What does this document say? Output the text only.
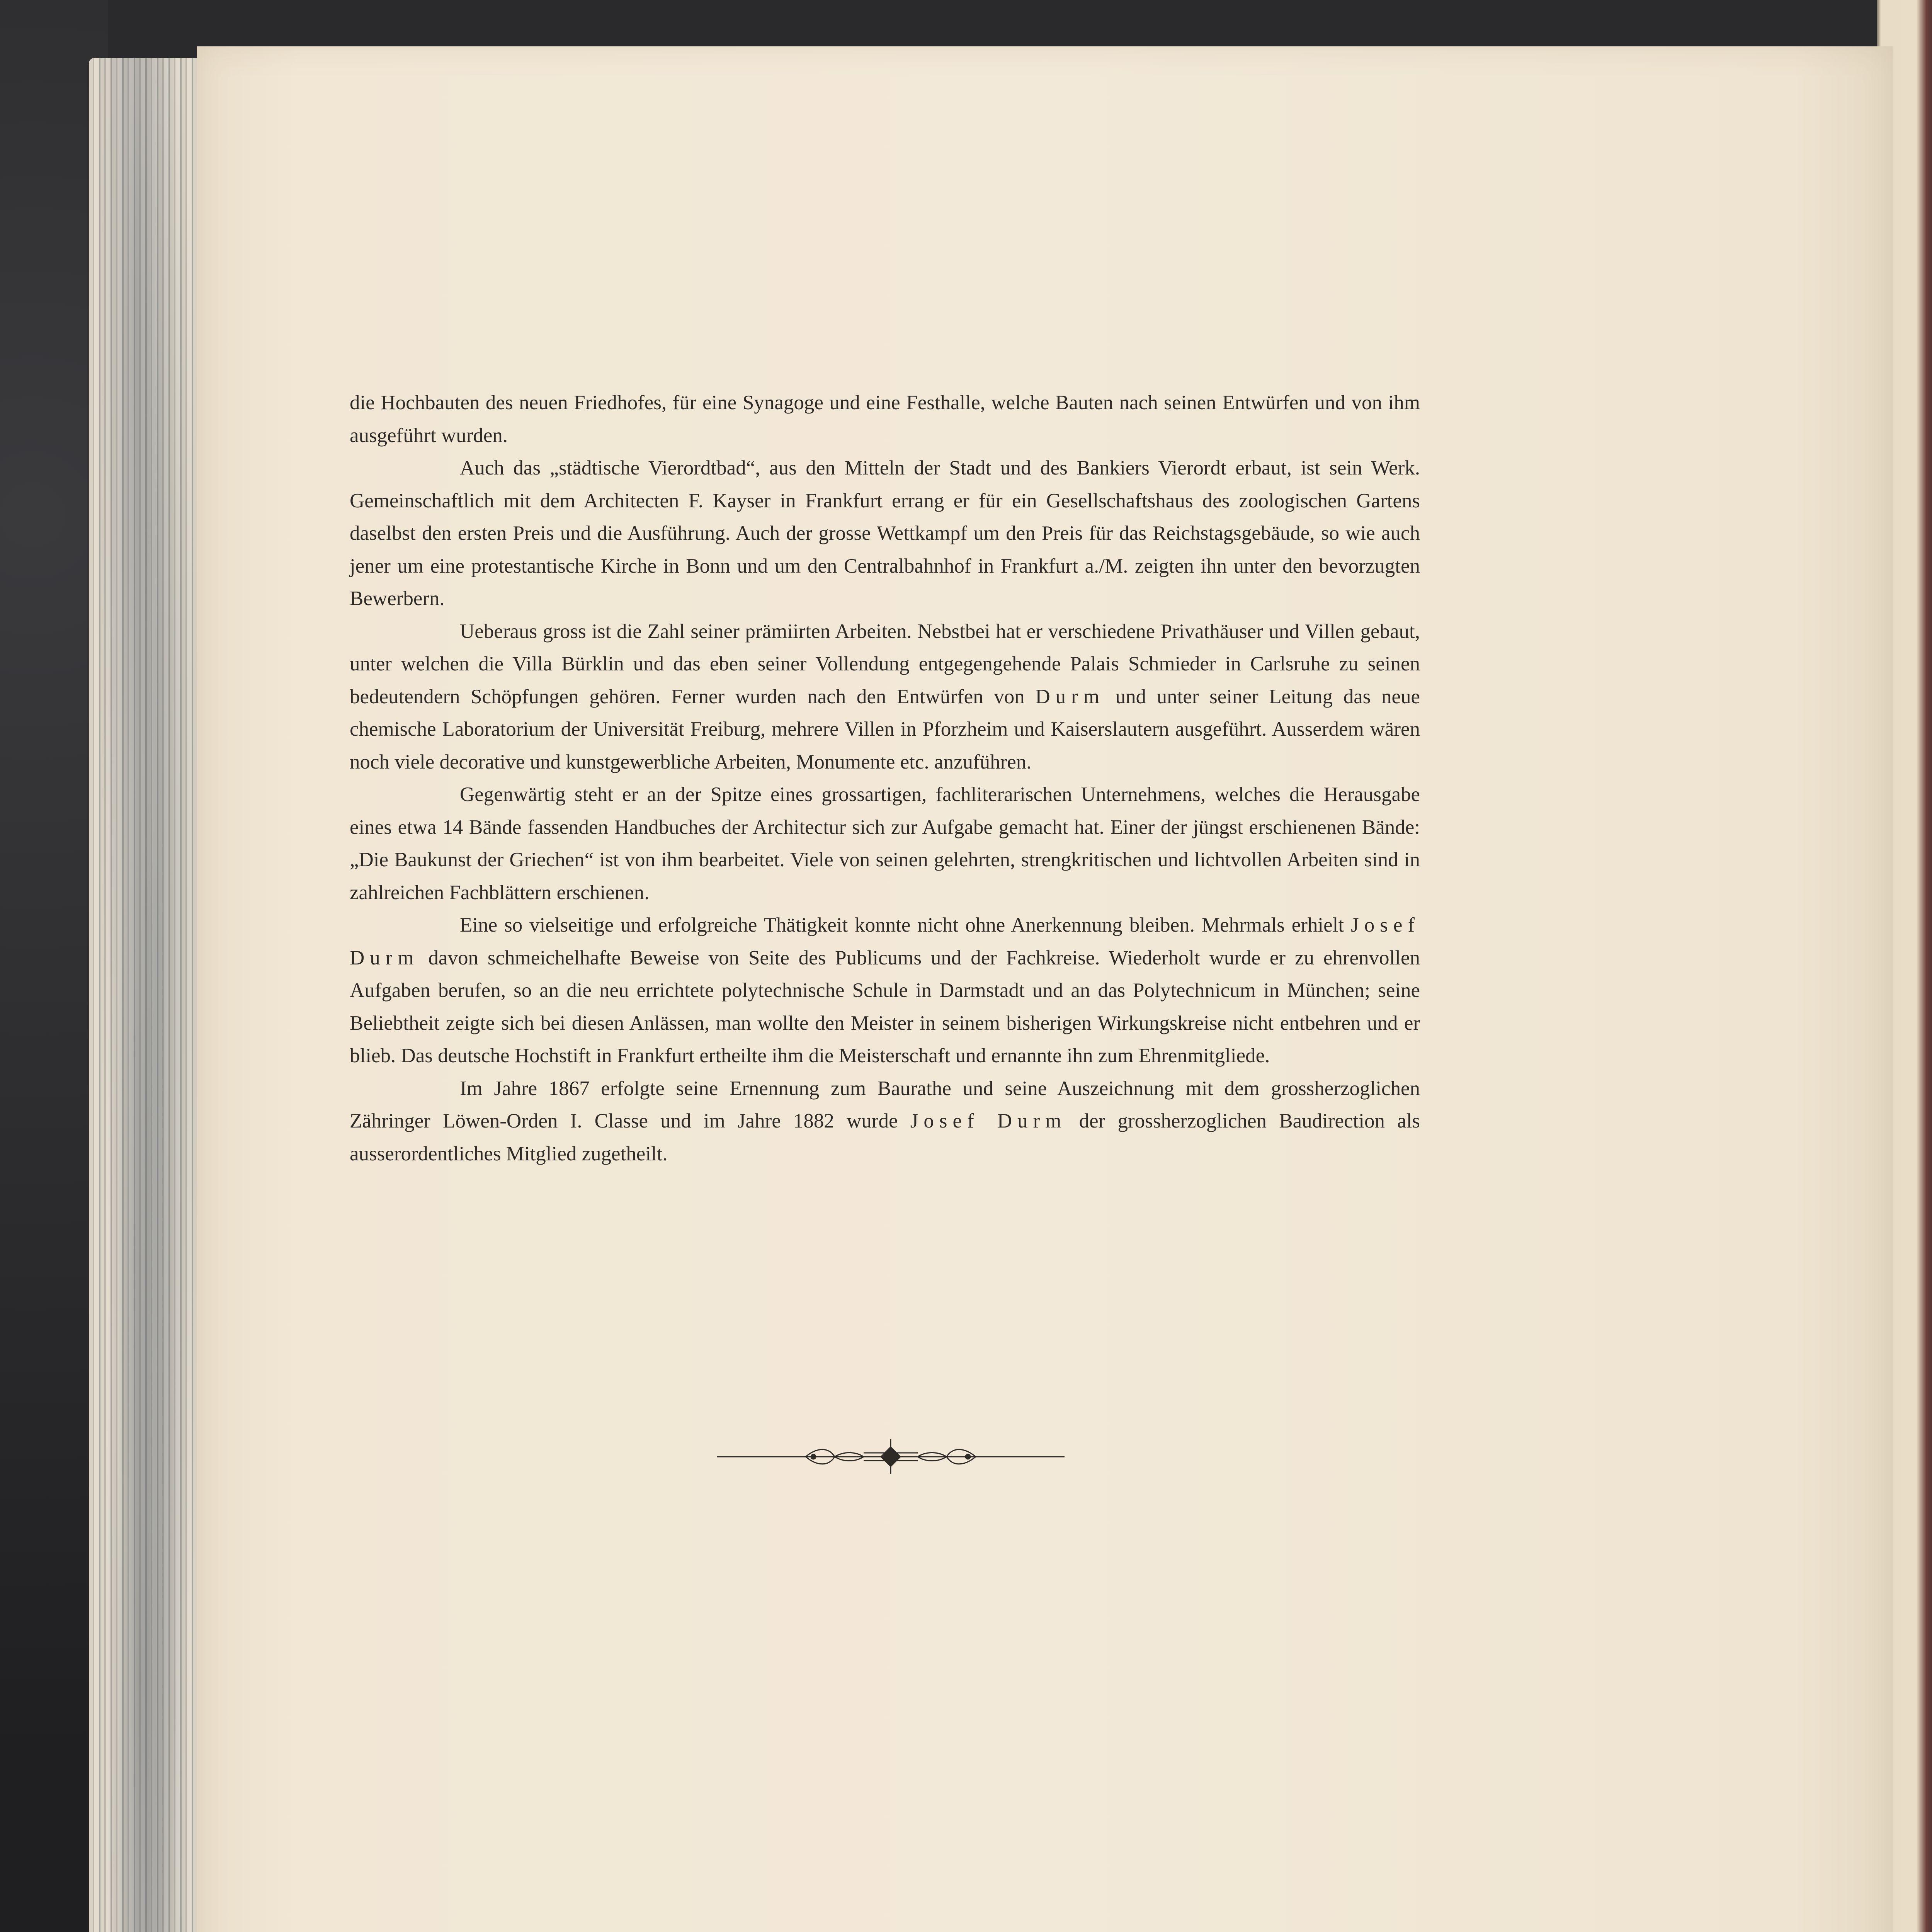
die Hochbauten des neuen Friedhofes, für eine Synagoge und eine Festhalle, welche Bauten nach seinen Entwürfen und von ihm ausgeführt wurden.

Auch das „städtische Vierordtbad“, aus den Mitteln der Stadt und des Bankiers Vierordt erbaut, ist sein Werk. Gemeinschaftlich mit dem Architecten F. Kayser in Frankfurt errang er für ein Gesellschaftshaus des zoologischen Gartens daselbst den ersten Preis und die Ausführung. Auch der grosse Wettkampf um den Preis für das Reichstagsgebäude, so wie auch jener um eine protestantische Kirche in Bonn und um den Centralbahnhof in Frankfurt a./M. zeigten ihn unter den bevorzugten Bewerbern.

Ueberaus gross ist die Zahl seiner prämiirten Arbeiten. Nebstbei hat er verschiedene Privathäuser und Villen gebaut, unter welchen die Villa Bürklin und das eben seiner Vollendung entgegengehende Palais Schmieder in Carlsruhe zu seinen bedeutendern Schöpfungen gehören. Ferner wurden nach den Entwürfen von Durm und unter seiner Leitung das neue chemische Laboratorium der Universität Freiburg, mehrere Villen in Pforzheim und Kaiserslautern ausgeführt. Ausserdem wären noch viele decorative und kunstgewerbliche Arbeiten, Monumente etc. anzuführen.

Gegenwärtig steht er an der Spitze eines grossartigen, fachliterarischen Unternehmens, welches die Herausgabe eines etwa 14 Bände fassenden Handbuches der Architectur sich zur Aufgabe gemacht hat. Einer der jüngst erschienenen Bände: „Die Baukunst der Griechen“ ist von ihm bearbeitet. Viele von seinen gelehrten, strengkritischen und lichtvollen Arbeiten sind in zahlreichen Fachblättern erschienen.

Eine so vielseitige und erfolgreiche Thätigkeit konnte nicht ohne Anerkennung bleiben. Mehrmals erhielt Josef Durm davon schmeichelhafte Beweise von Seite des Publicums und der Fachkreise. Wiederholt wurde er zu ehrenvollen Aufgaben berufen, so an die neu errichtete polytechnische Schule in Darmstadt und an das Polytechnicum in München; seine Beliebtheit zeigte sich bei diesen Anlässen, man wollte den Meister in seinem bisherigen Wirkungskreise nicht entbehren und er blieb. Das deutsche Hochstift in Frankfurt ertheilte ihm die Meisterschaft und ernannte ihn zum Ehrenmitgliede.

Im Jahre 1867 erfolgte seine Ernennung zum Baurathe und seine Auszeichnung mit dem grossherzoglichen Zähringer Löwen-Orden I. Classe und im Jahre 1882 wurde Josef Durm der grossherzoglichen Baudirection als ausserordentliches Mitglied zugetheilt.
